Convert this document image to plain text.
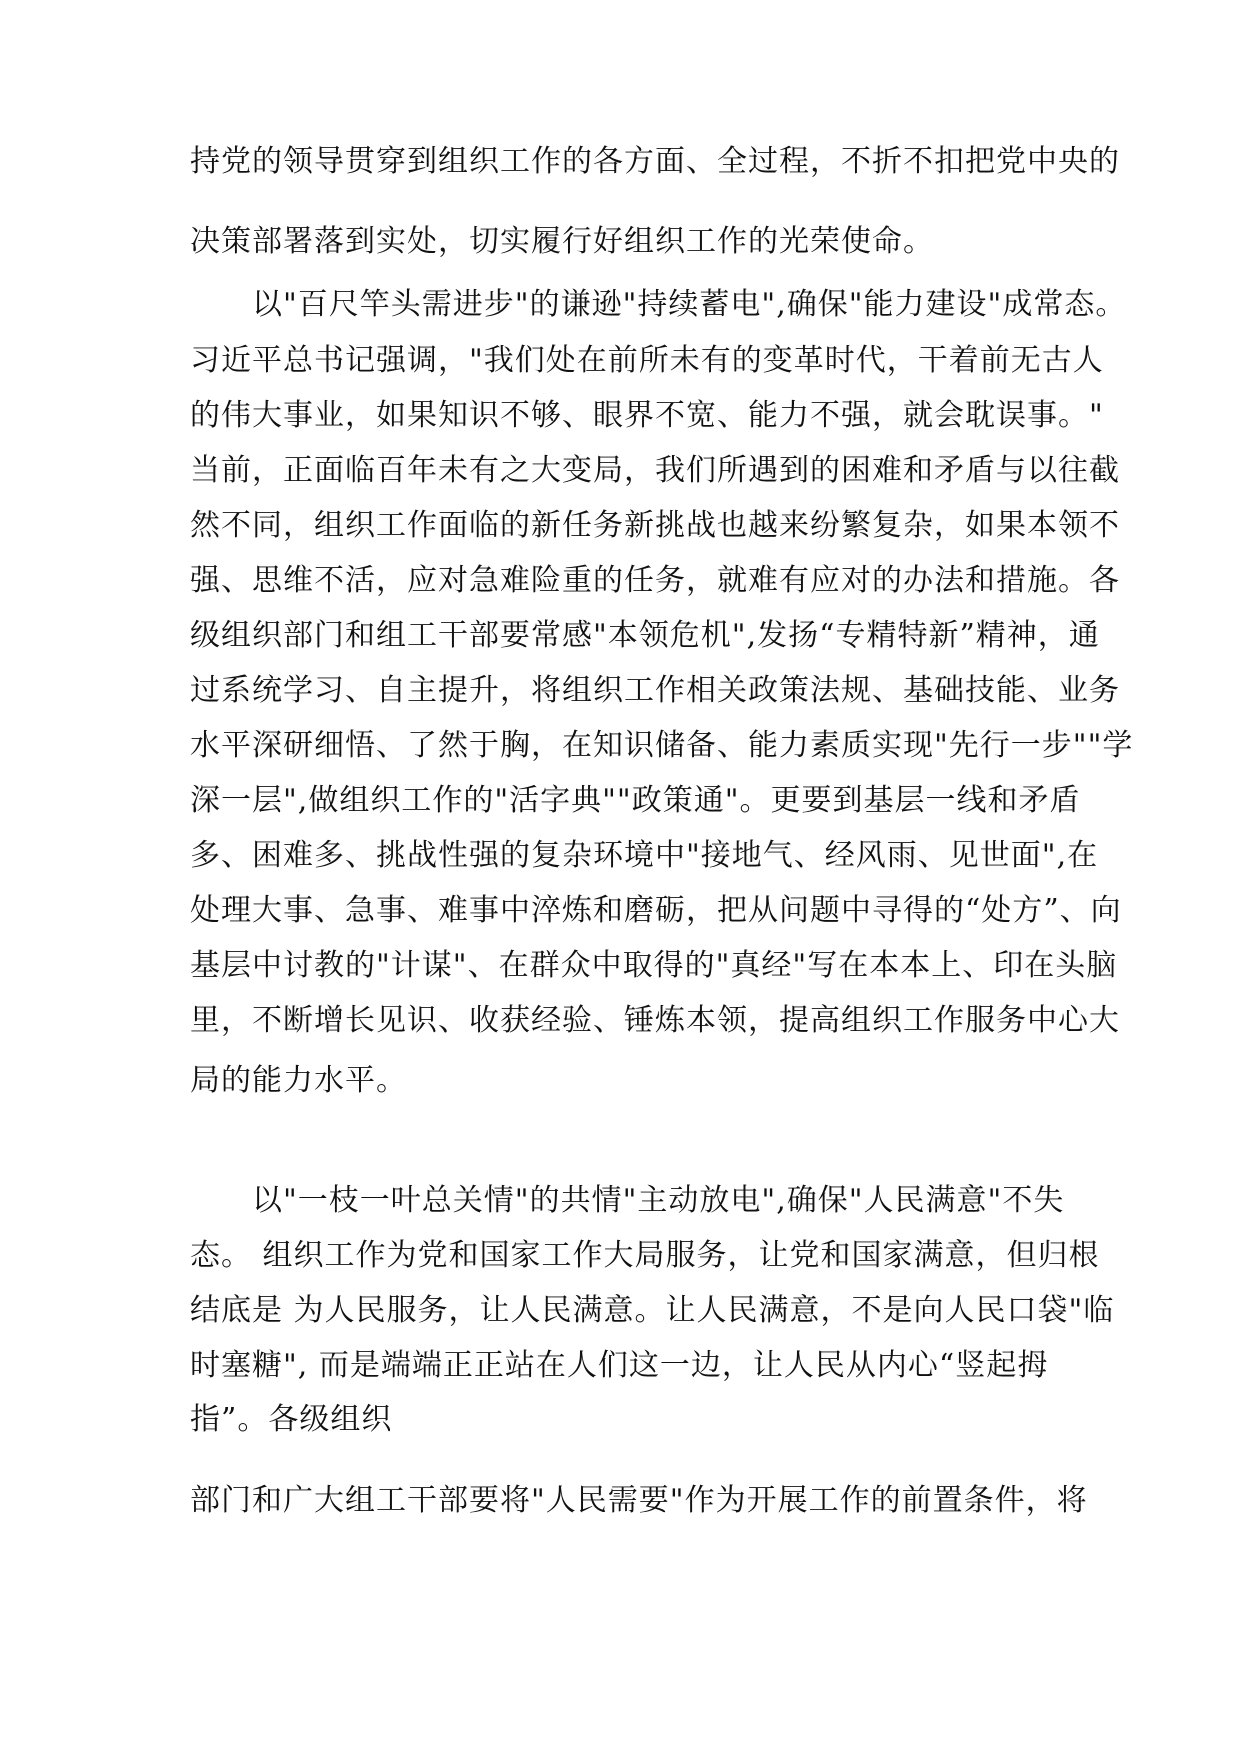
持党的领导贯穿到组织工作的各方面、全过程，不折不扣把党中央的
决策部署落到实处，切实履行好组织工作的光荣使命。
以"百尺竿头需进步"的谦逊"持续蓄电",确保"能力建设"成常态。
习近平总书记强调，"我们处在前所未有的变革时代，干着前无古人
的伟大事业，如果知识不够、眼界不宽、能力不强，就会耽误事。"
当前，正面临百年未有之大变局，我们所遇到的困难和矛盾与以往截
然不同，组织工作面临的新任务新挑战也越来纷繁复杂，如果本领不
强、思维不活，应对急难险重的任务，就难有应对的办法和措施。各
级组织部门和组工干部要常感"本领危机",发扬“专精特新”精神，通
过系统学习、自主提升，将组织工作相关政策法规、基础技能、业务
水平深研细悟、了然于胸，在知识储备、能力素质实现"先行一步""学
深一层",做组织工作的"活字典""政策通"。更要到基层一线和矛盾
多、困难多、挑战性强的复杂环境中"接地气、经风雨、见世面",在
处理大事、急事、难事中淬炼和磨砺，把从问题中寻得的“处方”、向
基层中讨教的"计谋"、在群众中取得的"真经"写在本本上、印在头脑
里，不断增长见识、收获经验、锤炼本领，提高组织工作服务中心大
局的能力水平。
以"一枝一叶总关情"的共情"主动放电",确保"人民满意"不失
态。 组织工作为党和国家工作大局服务，让党和国家满意，但归根
结底是 为人民服务，让人民满意。让人民满意，不是向人民口袋"临
时塞糖", 而是端端正正站在人们这一边，让人民从内心“竖起拇
指”。各级组织
部门和广大组工干部要将"人民需要"作为开展工作的前置条件，将
